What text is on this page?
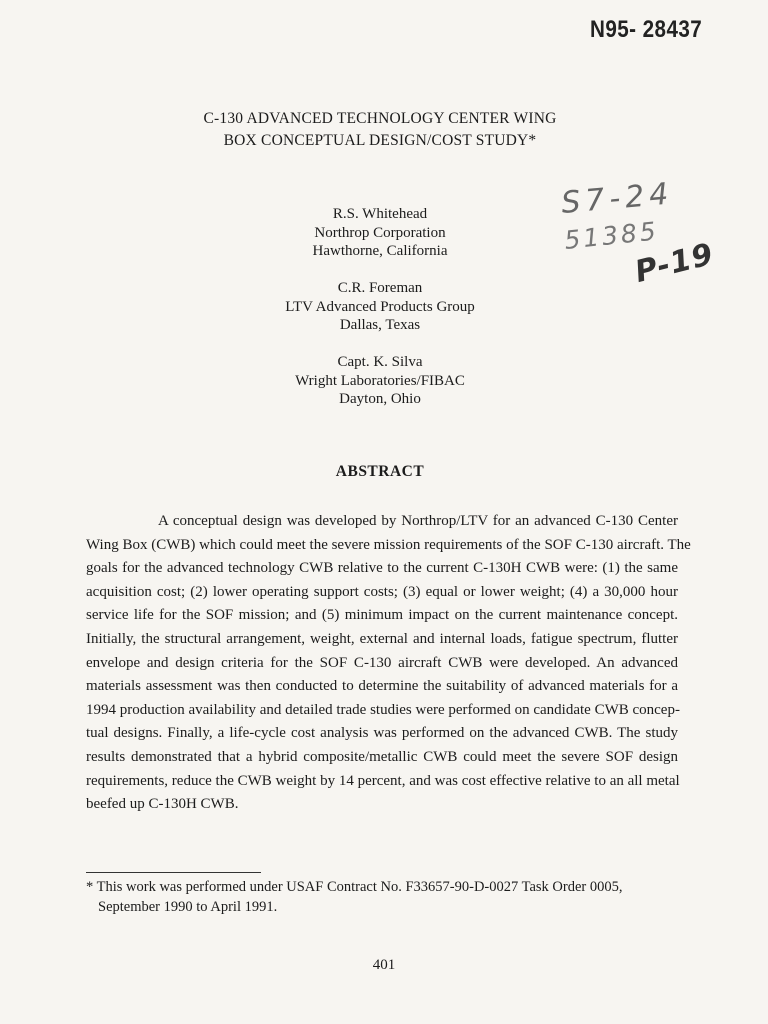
N95- 28437
C-130 ADVANCED TECHNOLOGY CENTER WING
BOX CONCEPTUAL DESIGN/COST STUDY*
R.S. Whitehead
Northrop Corporation
Hawthorne, California
C.R. Foreman
LTV Advanced Products Group
Dallas, Texas
Capt. K. Silva
Wright Laboratories/FIBAC
Dayton, Ohio
S7-24
51385
P-19
ABSTRACT
A conceptual design was developed by Northrop/LTV for an advanced C-130 Center
Wing Box (CWB) which could meet the severe mission requirements of the SOF C-130 aircraft. The
goals for the advanced technology CWB relative to the current C-130H CWB were: (1) the same
acquisition cost; (2) lower operating support costs; (3) equal or lower weight; (4) a 30,000 hour
service life for the SOF mission; and (5) minimum impact on the current maintenance concept.
Initially, the structural arrangement, weight, external and internal loads, fatigue spectrum, flutter
envelope and design criteria for the SOF C-130 aircraft CWB were developed. An advanced
materials assessment was then conducted to determine the suitability of advanced materials for a
1994 production availability and detailed trade studies were performed on candidate CWB concep-
tual designs. Finally, a life-cycle cost analysis was performed on the advanced CWB. The study
results demonstrated that a hybrid composite/metallic CWB could meet the severe SOF design
requirements, reduce the CWB weight by 14 percent, and was cost effective relative to an all metal
beefed up C-130H CWB.
* This work was performed under USAF Contract No. F33657-90-D-0027 Task Order 0005,
September 1990 to April 1991.
401
